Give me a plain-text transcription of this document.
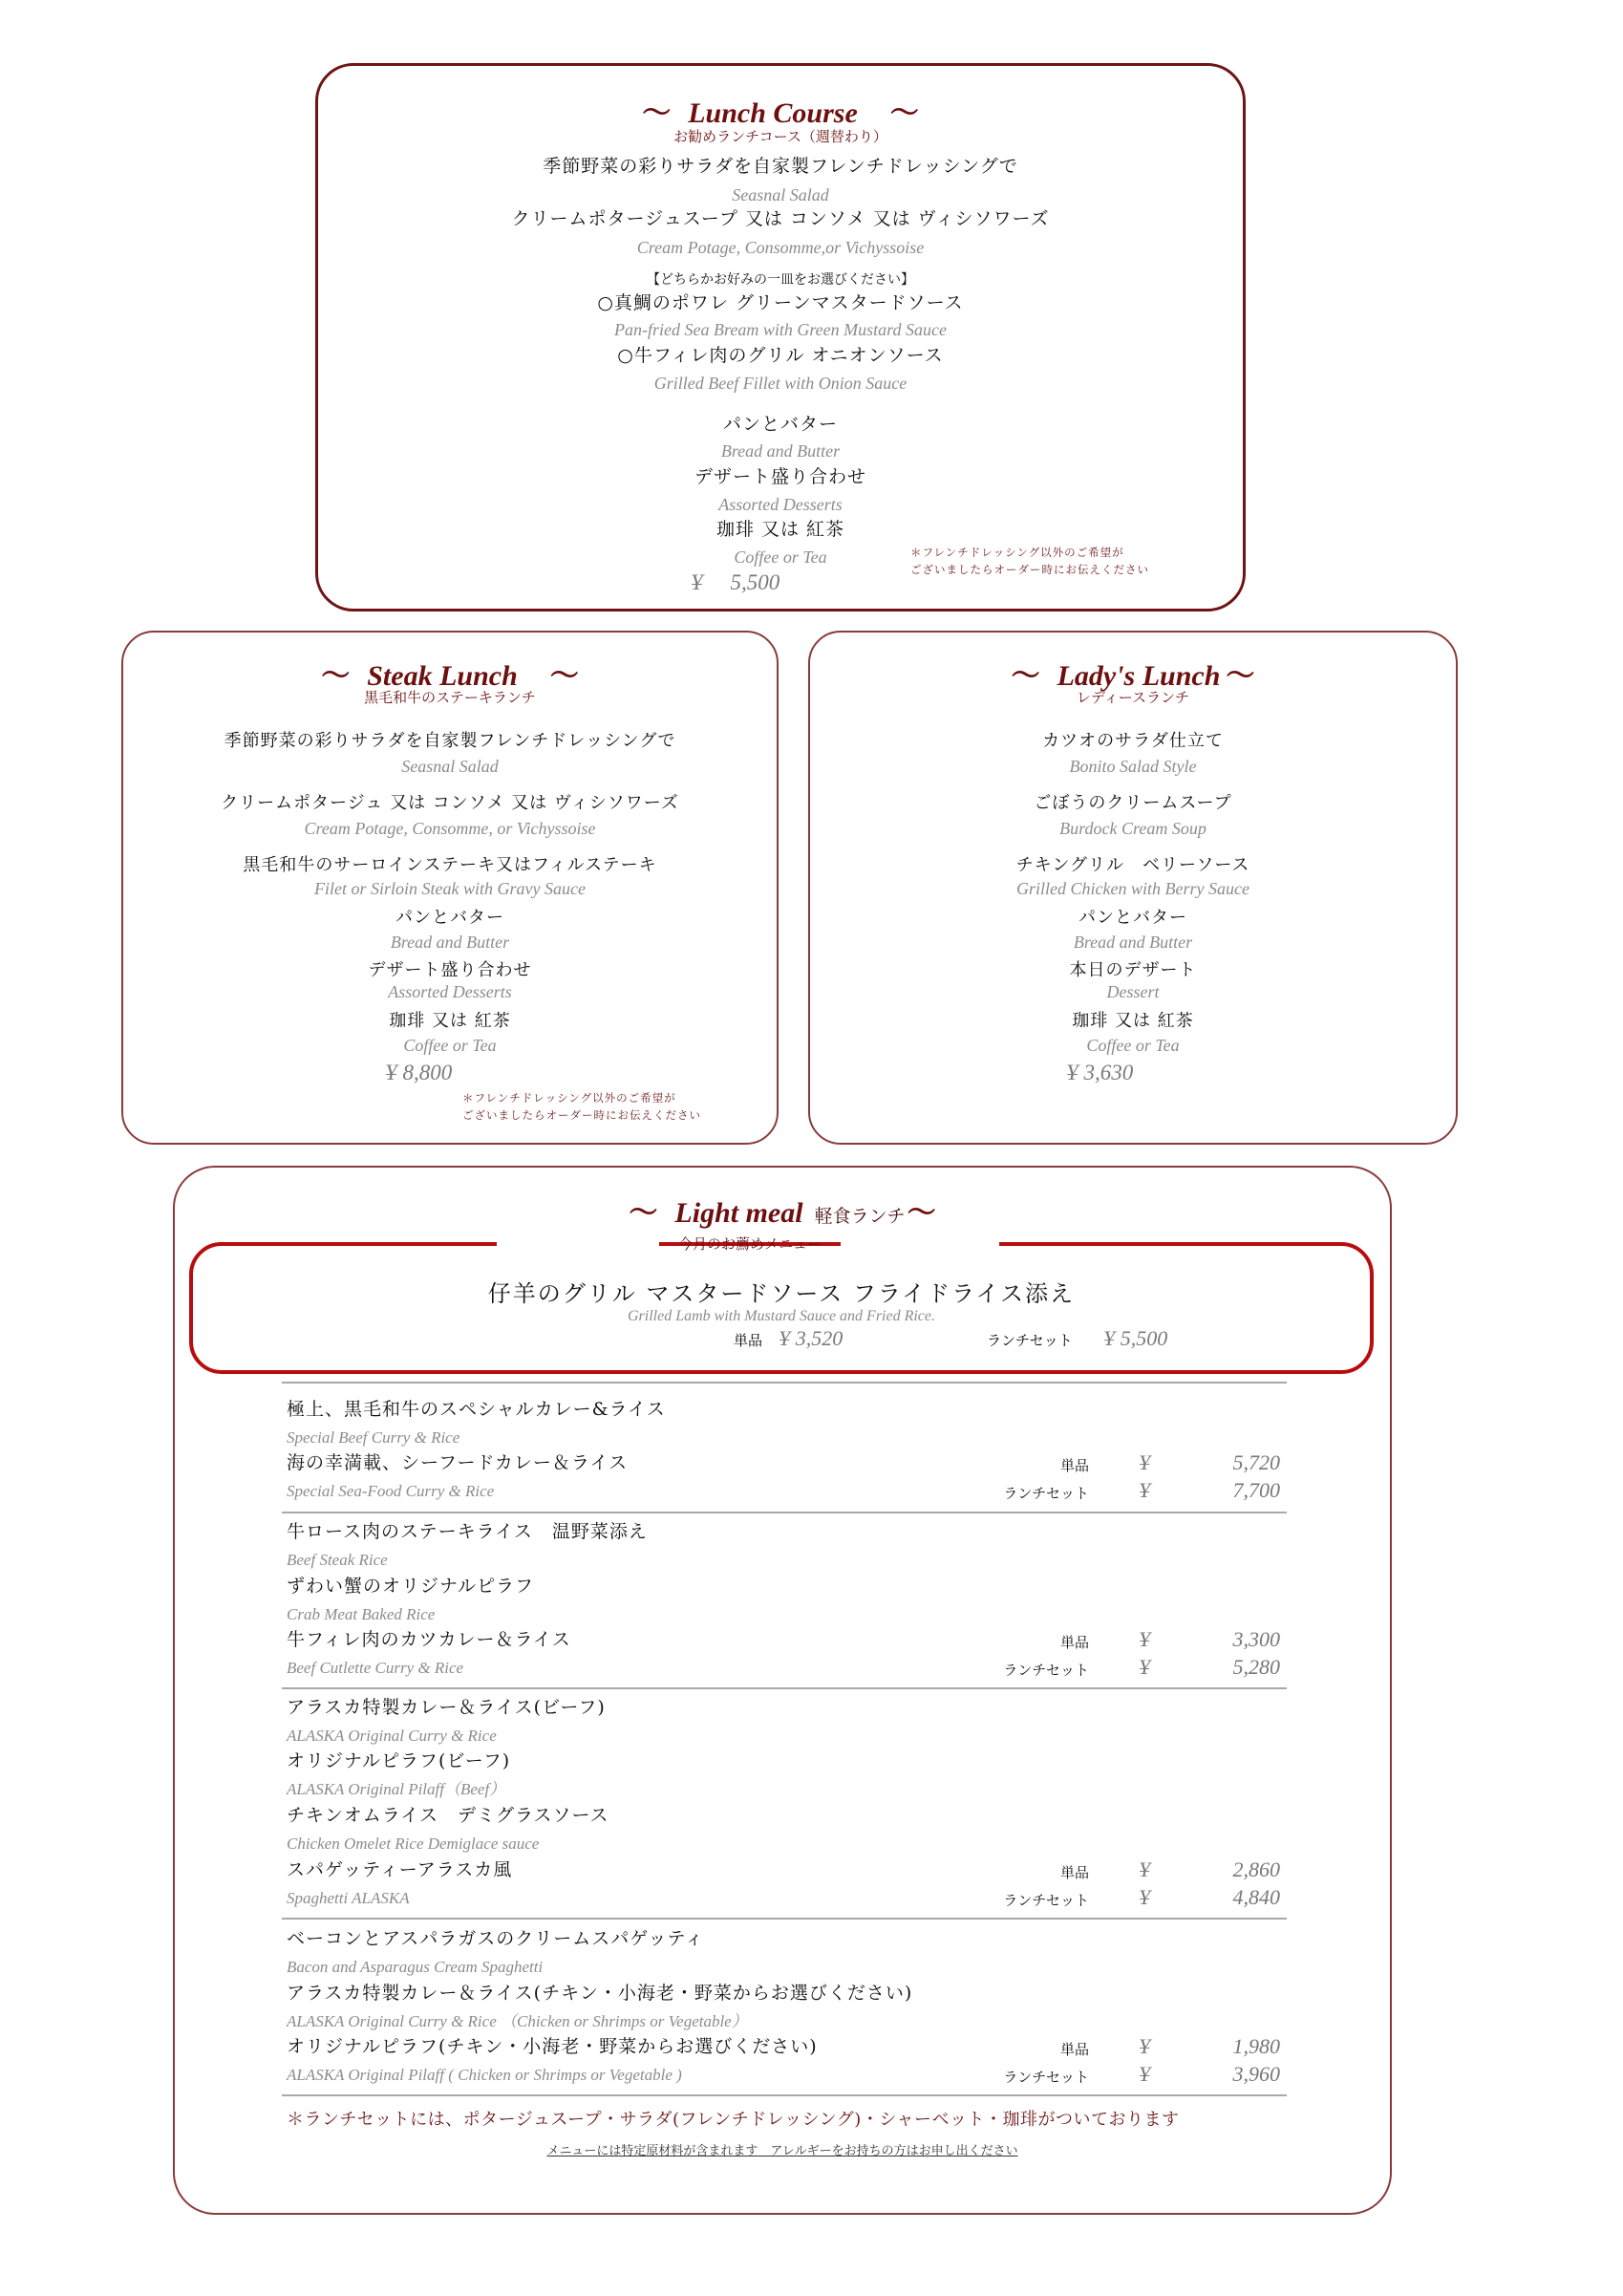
〜 Lunch Course 〜
お勧めランチコース（週替わり）
季節野菜の彩りサラダを自家製フレンチドレッシングで
Seasnal Salad
クリームポタージュスープ 又は コンソメ 又は ヴィシソワーズ
Cream Potage, Consomme,or Vichyssoise
【どちらかお好みの一皿をお選びください】
○真鯛のポワレ グリーンマスタードソース
Pan-fried Sea Bream with Green Mustard Sauce
○牛フィレ肉のグリル オニオンソース
Grilled Beef Fillet with Onion Sauce
パンとバター
Bread and Butter
デザート盛り合わせ
Assorted Desserts
珈琲 又は 紅茶
Coffee or Tea
Ұ 5,500
＊フレンチドレッシング以外のご希望が
ございましたらオーダー時にお伝えください
〜 Steak Lunch 〜
黒毛和牛のステーキランチ
季節野菜の彩りサラダを自家製フレンチドレッシングで
Seasnal Salad
クリームポタージュ 又は コンソメ 又は ヴィシソワーズ
Cream Potage, Consomme, or Vichyssoise
黒毛和牛のサーロインステーキ又はフィルステーキ
Filet or Sirloin Steak with Gravy Sauce
パンとバター
Bread and Butter
デザート盛り合わせ
Assorted Desserts
珈琲 又は 紅茶
Coffee or Tea
Ұ 8,800
＊フレンチドレッシング以外のご希望が
ございましたらオーダー時にお伝えください
〜 Lady's Lunch 〜
レディースランチ
カツオのサラダ仕立て
Bonito Salad Style
ごぼうのクリームスープ
Burdock Cream Soup
チキングリル　ベリーソース
Grilled Chicken with Berry Sauce
パンとバター
Bread and Butter
本日のデザート
Dessert
珈琲 又は 紅茶
Coffee or Tea
Ұ 3,630
〜 Light meal 軽食ランチ〜
今月のお薦めメニュー
仔羊のグリル マスタードソース フライドライス添え
Grilled Lamb with Mustard Sauce and Fried Rice.
単品 Ұ 3,520	ランチセット Ұ 5,500
極上、黒毛和牛のスペシャルカレー&ライス
Special Beef Curry & Rice
海の幸満載、シーフードカレー＆ライス
Special Sea-Food Curry & Rice
単品
ランチセット
Ұ
Ұ
5,720
7,700
牛ロース肉のステーキライス　温野菜添え
Beef Steak Rice
ずわい蟹のオリジナルピラフ
Crab Meat Baked Rice
牛フィレ肉のカツカレー＆ライス
Beef Cutlette Curry & Rice
単品
ランチセット
Ұ
Ұ
3,300
5,280
アラスカ特製カレー＆ライス(ビーフ)
ALASKA Original Curry & Rice
オリジナルピラフ(ビーフ)
ALASKA Original Pilaff（Beef）
チキンオムライス　デミグラスソース
Chicken Omelet Rice Demiglace sauce
スパゲッティーアラスカ風
Spaghetti ALASKA
単品
ランチセット
Ұ
Ұ
2,860
4,840
ベーコンとアスパラガスのクリームスパゲッティ
Bacon and Asparagus Cream Spaghetti
アラスカ特製カレー＆ライス(チキン・小海老・野菜からお選びください)
ALASKA Original Curry & Rice （Chicken or Shrimps or Vegetable）
オリジナルピラフ(チキン・小海老・野菜からお選びください)
ALASKA Original Pilaff ( Chicken or Shrimps or Vegetable )
単品
ランチセット
Ұ
Ұ
1,980
3,960
＊ランチセットには、ポタージュスープ・サラダ(フレンチドレッシング)・シャーベット・珈琲がついております
メニューには特定原材料が含まれます　アレルギーをお持ちの方はお申し出ください
